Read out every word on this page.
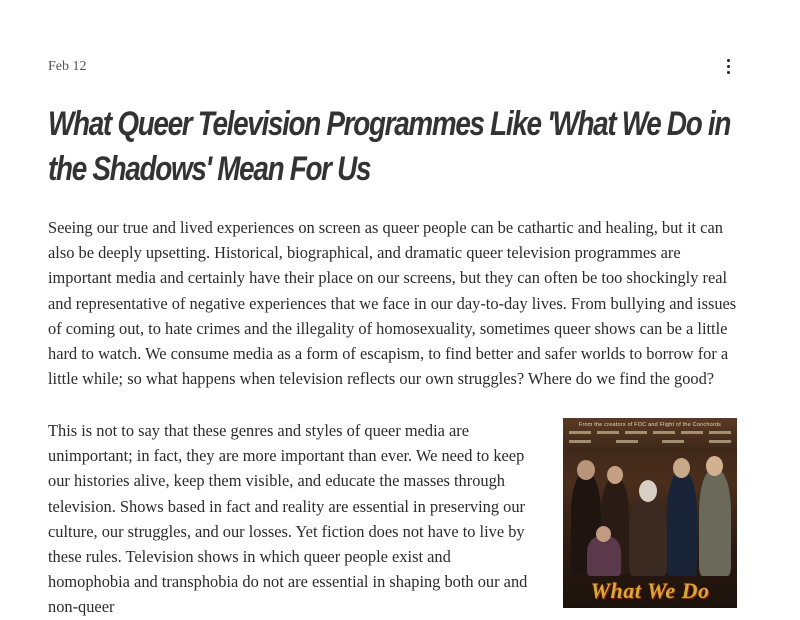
Feb 12
What Queer Television Programmes Like 'What We Do in the Shadows' Mean For Us

Seeing our true and lived experiences on screen as queer people can be cathartic and healing, but it can also be deeply upsetting. Historical, biographical, and dramatic queer television programmes are important media and certainly have their place on our screens, but they can often be too shockingly real and representative of negative experiences that we face in our day-to-day lives. From bullying and issues of coming out, to hate crimes and the illegality of homosexuality, sometimes queer shows can be a little hard to watch. We consume media as a form of escapism, to find better and safer worlds to borrow for a little while; so what happens when television reflects our own struggles? Where do we find the good?

This is not to say that these genres and styles of queer media are unimportant; in fact, they are more important than ever. We need to keep our histories alive, keep them visible, and educate the masses through television. Shows based in fact and reality are essential in preserving our culture, our struggles, and our losses. Yet fiction does not have to live by these rules. Television shows in which queer people exist and homophobia and transphobia do not are essential in shaping both our and non-queer

From the creators of FOC and Flight of the Conchords
What We Do
